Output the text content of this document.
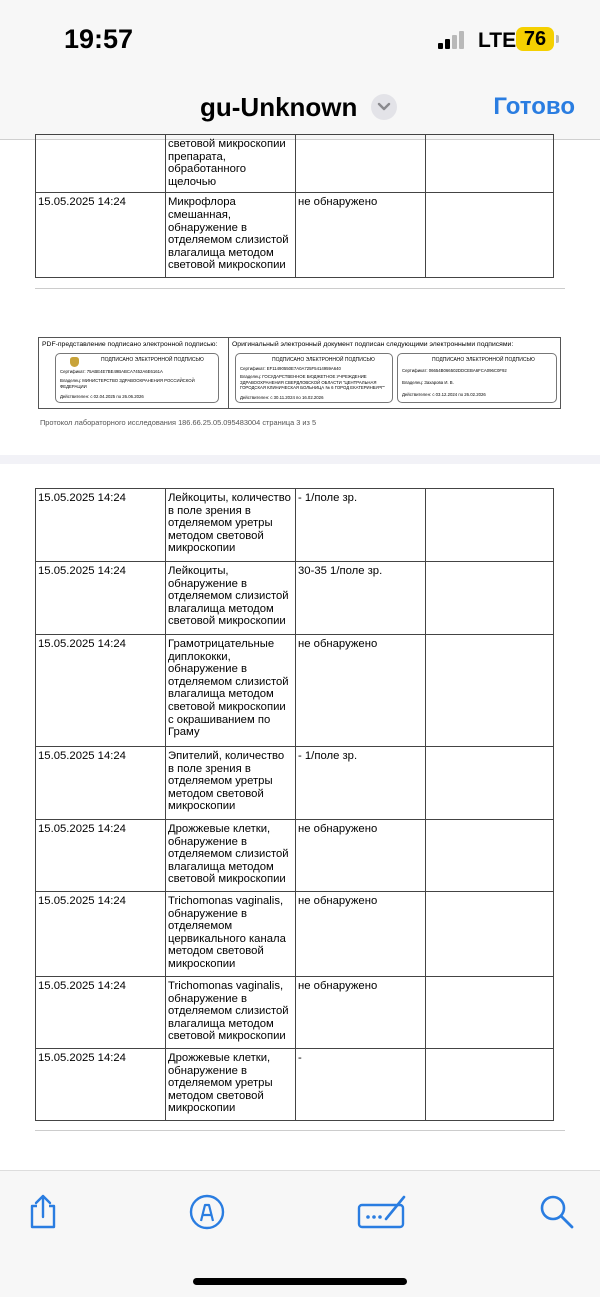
19:57	LTE 76
gu-Unknown	Готово
	световой микроскопии препарата, обработанного щелочью		
15.05.2025 14:24	Микрофлора смешанная, обнаружение в отделяемом слизистой влагалища методом световой микроскопии	не обнаружено	
PDF-представление подписано электронной подписью:
ПОДПИСАНО ЭЛЕКТРОННОЙ ПОДПИСЬЮ
Сертификат: 75ABE4E7BE49BABCA7452A6E6161A
Владелец: МИНИСТЕРСТВО ЗДРАВООХРАНЕНИЯ РОССИЙСКОЙ ФЕДЕРАЦИИ
Действителен: с 02.04.2025 по 26.06.2026
Оригинальный электронный документ подписан следующими электронными подписями:
ПОДПИСАНО ЭЛЕКТРОННОЙ ПОДПИСЬЮ
Сертификат: EF11490550E7A0A725F5414959A640
Владелец: ГОСУДАРСТВЕННОЕ БЮДЖЕТНОЕ УЧРЕЖДЕНИЕ ЗДРАВООХРАНЕНИЯ СВЕРДЛОВСКОЙ ОБЛАСТИ "ЦЕНТРАЛЬНАЯ ГОРОДСКАЯ КЛИНИЧЕСКАЯ БОЛЬНИЦА № 6 ГОРОД ЕКАТЕРИНБУРГ"
Действителен: с 30.11.2024 по 16.02.2026
ПОДПИСАНО ЭЛЕКТРОННОЙ ПОДПИСЬЮ
Сертификат: 06654B066502DDCEBA6FCA096C0F92
Владелец: Захарова И. В.
Действителен: с 03.12.2024 по 26.02.2026
Протокол лабораторного исследования 186.66.25.05.095483004 страница 3 из 5
15.05.2025 14:24	Лейкоциты, количество в поле зрения в отделяемом уретры методом световой микроскопии	- 1/поле зр.	
15.05.2025 14:24	Лейкоциты, обнаружение в отделяемом слизистой влагалища методом световой микроскопии	30-35 1/поле зр.	
15.05.2025 14:24	Грамотрицательные диплококки, обнаружение в отделяемом слизистой влагалища методом световой микроскопии с окрашиванием по Граму	не обнаружено	
15.05.2025 14:24	Эпителий, количество в поле зрения в отделяемом уретры методом световой микроскопии	- 1/поле зр.	
15.05.2025 14:24	Дрожжевые клетки, обнаружение в отделяемом слизистой влагалища методом световой микроскопии	не обнаружено	
15.05.2025 14:24	Trichomonas vaginalis, обнаружение в отделяемом цервикального канала методом световой микроскопии	не обнаружено	
15.05.2025 14:24	Trichomonas vaginalis, обнаружение в отделяемом слизистой влагалища методом световой микроскопии	не обнаружено	
15.05.2025 14:24	Дрожжевые клетки, обнаружение в отделяемом уретры методом световой микроскопии	-	
